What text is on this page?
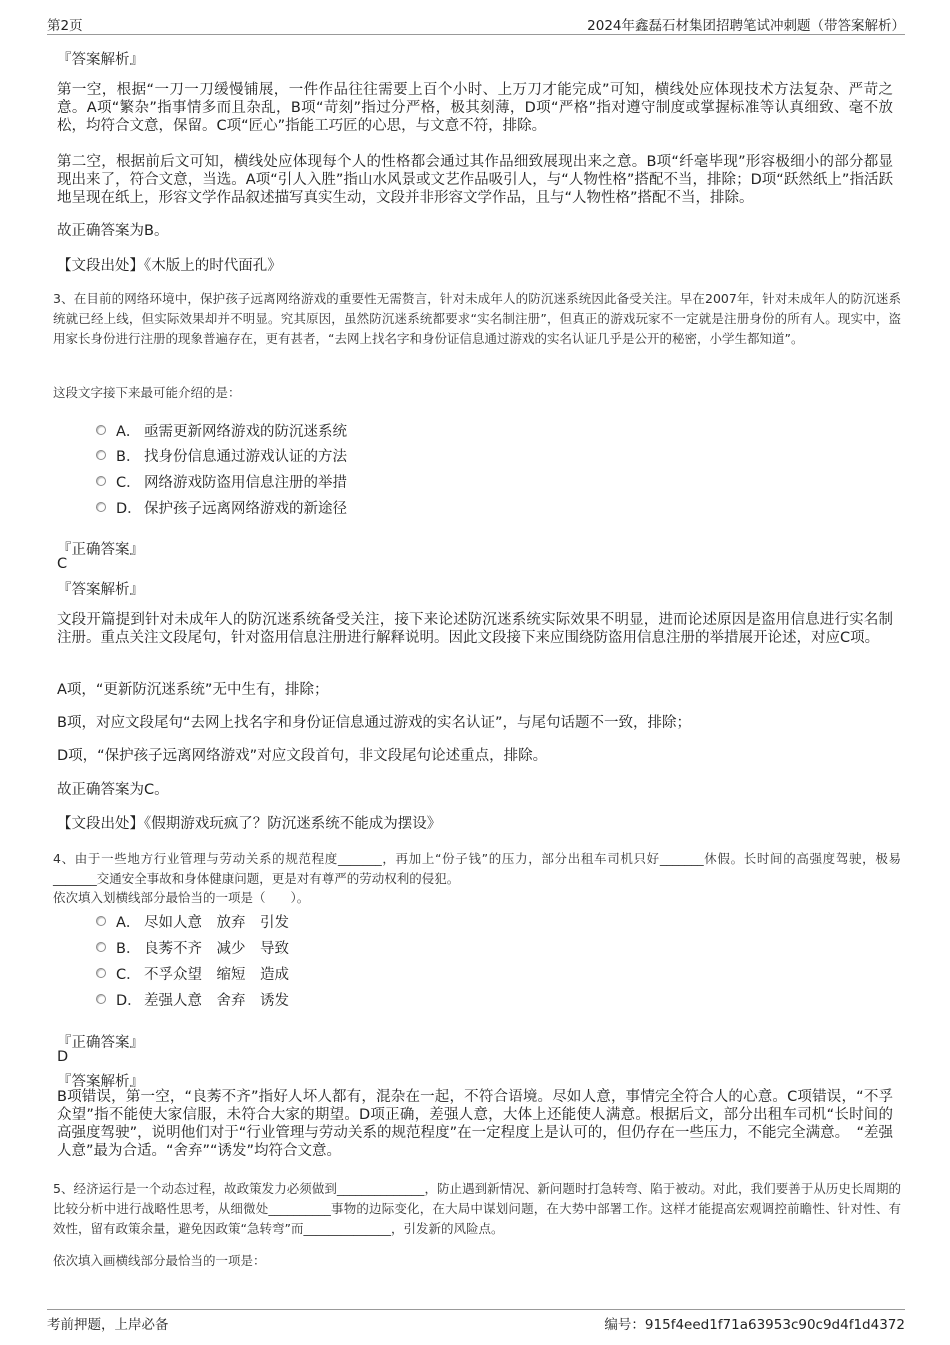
第2页	2024年鑫磊石材集团招聘笔试冲刺题（带答案解析）

『答案解析』

第一空，根据“一刀一刀缓慢铺展，一件作品往往需要上百个小时、上万刀才能完成”可知，横线处应体现技术方法复杂、严苛之意。A项“繁杂”指事情多而且杂乱，B项“苛刻”指过分严格，极其刻薄，D项“严格”指对遵守制度或掌握标准等认真细致、毫不放松，均符合文意，保留。C项“匠心”指能工巧匠的心思，与文意不符，排除。

第二空，根据前后文可知，横线处应体现每个人的性格都会通过其作品细致展现出来之意。B项“纤毫毕现”形容极细小的部分都显现出来了，符合文意，当选。A项“引人入胜”指山水风景或文艺作品吸引人，与“人物性格”搭配不当，排除；D项“跃然纸上”指活跃地呈现在纸上，形容文学作品叙述描写真实生动，文段并非形容文学作品，且与“人物性格”搭配不当，排除。

故正确答案为B。

【文段出处】《木版上的时代面孔》

3、在目前的网络环境中，保护孩子远离网络游戏的重要性无需赘言，针对未成年人的防沉迷系统因此备受关注。早在2007年，针对未成年人的防沉迷系统就已经上线，但实际效果却并不明显。究其原因，虽然防沉迷系统都要求“实名制注册”，但真正的游戏玩家不一定就是注册身份的所有人。现实中，盗用家长身份进行注册的现象普遍存在，更有甚者，“去网上找名字和身份证信息通过游戏的实名认证几乎是公开的秘密，小学生都知道”。

这段文字接下来最可能介绍的是：

A． 亟需更新网络游戏的防沉迷系统
B． 找身份信息通过游戏认证的方法
C． 网络游戏防盗用信息注册的举措
D． 保护孩子远离网络游戏的新途径

『正确答案』

C

『答案解析』

文段开篇提到针对未成年人的防沉迷系统备受关注，接下来论述防沉迷系统实际效果不明显，进而论述原因是盗用信息进行实名制注册。重点关注文段尾句，针对盗用信息注册进行解释说明。因此文段接下来应围绕防盗用信息注册的举措展开论述，对应C项。

A项，“更新防沉迷系统”无中生有，排除；

B项，对应文段尾句“去网上找名字和身份证信息通过游戏的实名认证”，与尾句话题不一致，排除；

D项，“保护孩子远离网络游戏”对应文段首句，非文段尾句论述重点，排除。

故正确答案为C。

【文段出处】《假期游戏玩疯了？防沉迷系统不能成为摆设》

4、由于一些地方行业管理与劳动关系的规范程度_______，再加上“份子钱”的压力，部分出租车司机只好_______休假。长时间的高强度驾驶，极易_______交通安全事故和身体健康问题，更是对有尊严的劳动权利的侵犯。

依次填入划横线部分最恰当的一项是（　　）。

A． 尽如人意　放弃　引发
B． 良莠不齐　减少　导致
C． 不孚众望　缩短　造成
D． 差强人意　舍弃　诱发

『正确答案』

D

『答案解析』

B项错误，第一空，“良莠不齐”指好人坏人都有，混杂在一起，不符合语境。尽如人意，事情完全符合人的心意。C项错误，“不孚众望”指不能使大家信服，未符合大家的期望。D项正确，差强人意，大体上还能使人满意。根据后文，部分出租车司机“长时间的高强度驾驶”，说明他们对于“行业管理与劳动关系的规范程度”在一定程度上是认可的，但仍存在一些压力，不能完全满意。　“差强人意”最为合适。“舍弃”“诱发”均符合文意。

5、经济运行是一个动态过程，故政策发力必须做到______________，防止遇到新情况、新问题时打急转弯、陷于被动。对此，我们要善于从历史长周期的比较分析中进行战略性思考，从细微处__________事物的边际变化，在大局中谋划问题，在大势中部署工作。这样才能提高宏观调控前瞻性、针对性、有效性，留有政策余量，避免因政策“急转弯”而______________，引发新的风险点。

依次填入画横线部分最恰当的一项是：

考前押题，上岸必备	编号：915f4eed1f71a63953c90c9d4f1d4372
